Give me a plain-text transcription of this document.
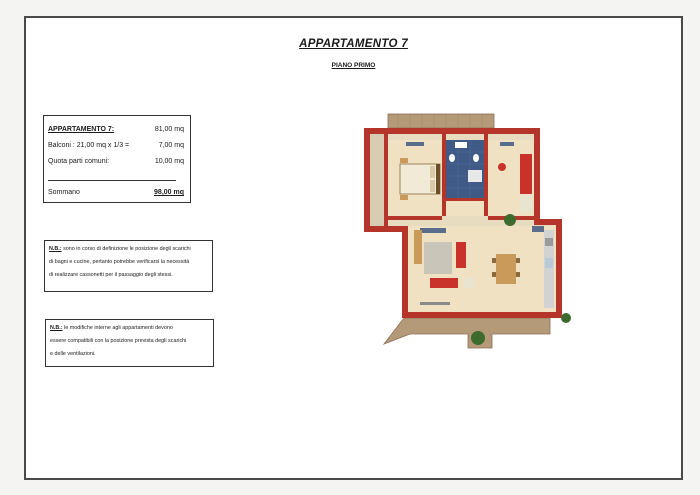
APPARTAMENTO 7
PIANO PRIMO
APPARTAMENTO 7:	81,00 mq
Balconi : 21,00 mq x 1/3 =	7,00 mq
Quota parti comuni:	10,00 mq
Sommano	98,00 mq
N.B.: sono in corso di definizione le posizione degli scarichi
di bagni e cucine, pertanto potrebbe verificarsi la necessità
di realizzare cassonetti per il passaggio degli stessi.
N.B.: le modifiche interne agli appartamenti devono
essere compatibili con la posizione prevista degli scarichi
e delle ventilazioni.
